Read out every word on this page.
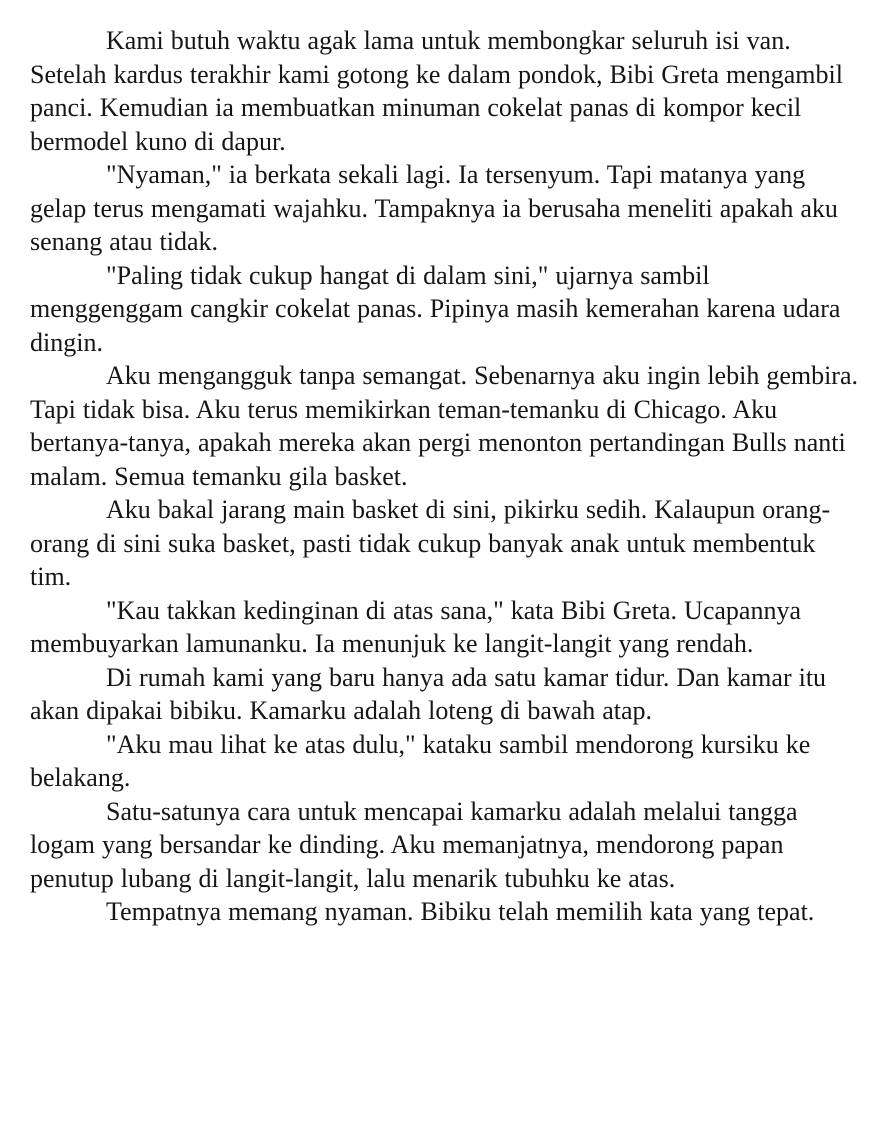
Kami butuh waktu agak lama untuk membongkar seluruh isi van. Setelah kardus terakhir kami gotong ke dalam pondok, Bibi Greta mengambil panci. Kemudian ia membuatkan minuman cokelat panas di kompor kecil bermodel kuno di dapur.

"Nyaman," ia berkata sekali lagi. Ia tersenyum. Tapi matanya yang gelap terus mengamati wajahku. Tampaknya ia berusaha meneliti apakah aku senang atau tidak.

"Paling tidak cukup hangat di dalam sini," ujarnya sambil menggenggam cangkir cokelat panas. Pipinya masih kemerahan karena udara dingin.

Aku mengangguk tanpa semangat. Sebenarnya aku ingin lebih gembira. Tapi tidak bisa. Aku terus memikirkan teman-temanku di Chicago. Aku bertanya-tanya, apakah mereka akan pergi menonton pertandingan Bulls nanti malam. Semua temanku gila basket.

Aku bakal jarang main basket di sini, pikirku sedih. Kalaupun orang-orang di sini suka basket, pasti tidak cukup banyak anak untuk membentuk tim.

"Kau takkan kedinginan di atas sana," kata Bibi Greta. Ucapannya membuyarkan lamunanku. Ia menunjuk ke langit-langit yang rendah.

Di rumah kami yang baru hanya ada satu kamar tidur. Dan kamar itu akan dipakai bibiku. Kamarku adalah loteng di bawah atap.

"Aku mau lihat ke atas dulu," kataku sambil mendorong kursiku ke belakang.

Satu-satunya cara untuk mencapai kamarku adalah melalui tangga logam yang bersandar ke dinding. Aku memanjatnya, mendorong papan penutup lubang di langit-langit, lalu menarik tubuhku ke atas.

Tempatnya memang nyaman. Bibiku telah memilih kata yang tepat.
